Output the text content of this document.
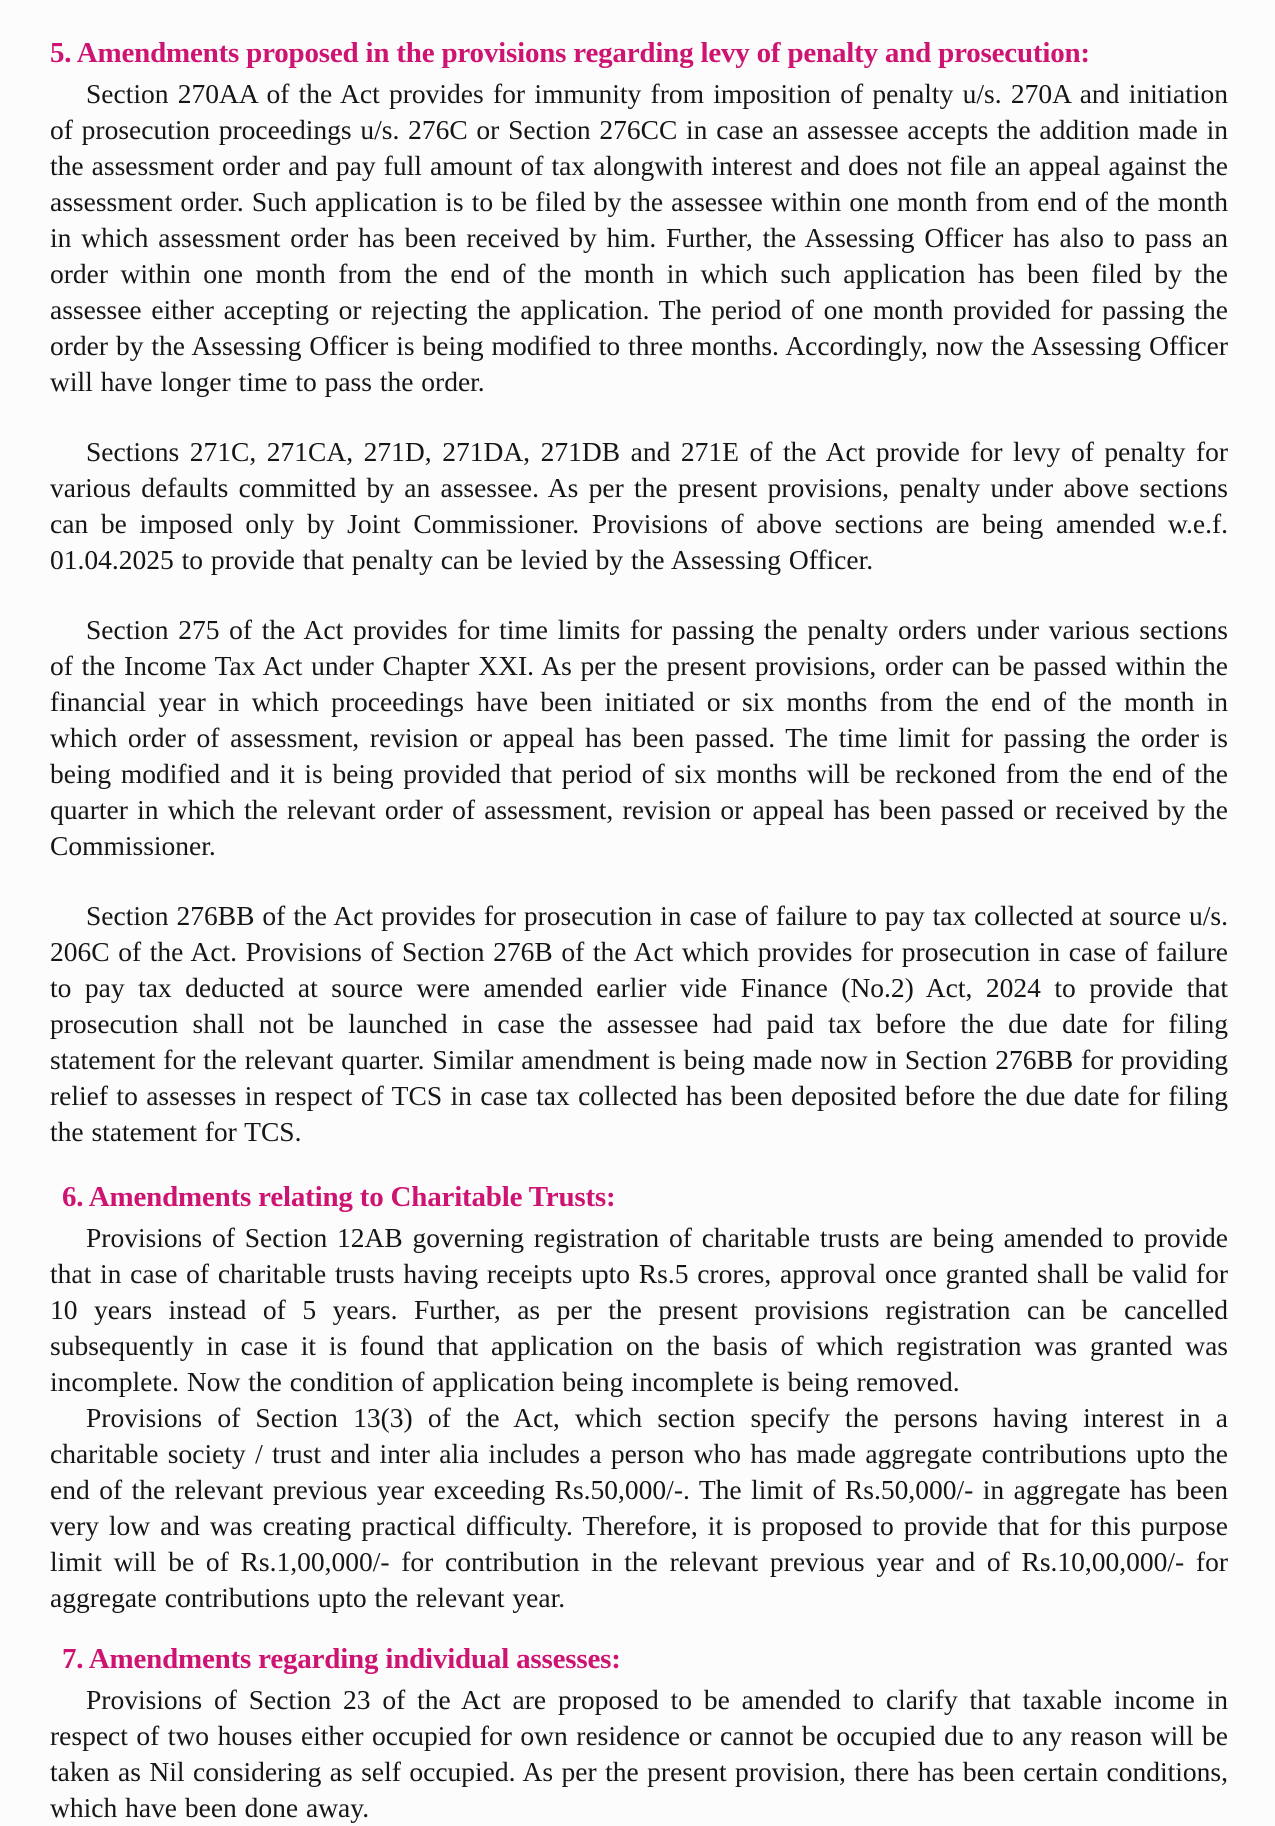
5. Amendments proposed in the provisions regarding levy of penalty and prosecution:

Section 270AA of the Act provides for immunity from imposition of penalty u/s. 270A and initiation of prosecution proceedings u/s. 276C or Section 276CC in case an assessee accepts the addition made in the assessment order and pay full amount of tax alongwith interest and does not file an appeal against the assessment order. Such application is to be filed by the assessee within one month from end of the month in which assessment order has been received by him. Further, the Assessing Officer has also to pass an order within one month from the end of the month in which such application has been filed by the assessee either accepting or rejecting the application. The period of one month provided for passing the order by the Assessing Officer is being modified to three months. Accordingly, now the Assessing Officer will have longer time to pass the order.

Sections 271C, 271CA, 271D, 271DA, 271DB and 271E of the Act provide for levy of penalty for various defaults committed by an assessee. As per the present provisions, penalty under above sections can be imposed only by Joint Commissioner. Provisions of above sections are being amended w.e.f. 01.04.2025 to provide that penalty can be levied by the Assessing Officer.

Section 275 of the Act provides for time limits for passing the penalty orders under various sections of the Income Tax Act under Chapter XXI. As per the present provisions, order can be passed within the financial year in which proceedings have been initiated or six months from the end of the month in which order of assessment, revision or appeal has been passed. The time limit for passing the order is being modified and it is being provided that period of six months will be reckoned from the end of the quarter in which the relevant order of assessment, revision or appeal has been passed or received by the Commissioner.

Section 276BB of the Act provides for prosecution in case of failure to pay tax collected at source u/s. 206C of the Act. Provisions of Section 276B of the Act which provides for prosecution in case of failure to pay tax deducted at source were amended earlier vide Finance (No.2) Act, 2024 to provide that prosecution shall not be launched in case the assessee had paid tax before the due date for filing statement for the relevant quarter. Similar amendment is being made now in Section 276BB for providing relief to assesses in respect of TCS in case tax collected has been deposited before the due date for filing the statement for TCS.

6. Amendments relating to Charitable Trusts:

Provisions of Section 12AB governing registration of charitable trusts are being amended to provide that in case of charitable trusts having receipts upto Rs.5 crores, approval once granted shall be valid for 10 years instead of 5 years. Further, as per the present provisions registration can be cancelled subsequently in case it is found that application on the basis of which registration was granted was incomplete. Now the condition of application being incomplete is being removed.

Provisions of Section 13(3) of the Act, which section specify the persons having interest in a charitable society / trust and inter alia includes a person who has made aggregate contributions upto the end of the relevant previous year exceeding Rs.50,000/-. The limit of Rs.50,000/- in aggregate has been very low and was creating practical difficulty. Therefore, it is proposed to provide that for this purpose limit will be of Rs.1,00,000/- for contribution in the relevant previous year and of Rs.10,00,000/- for aggregate contributions upto the relevant year.

7. Amendments regarding individual assesses:

Provisions of Section 23 of the Act are proposed to be amended to clarify that taxable income in respect of two houses either occupied for own residence or cannot be occupied due to any reason will be taken as Nil considering as self occupied. As per the present provision, there has been certain conditions, which have been done away.
